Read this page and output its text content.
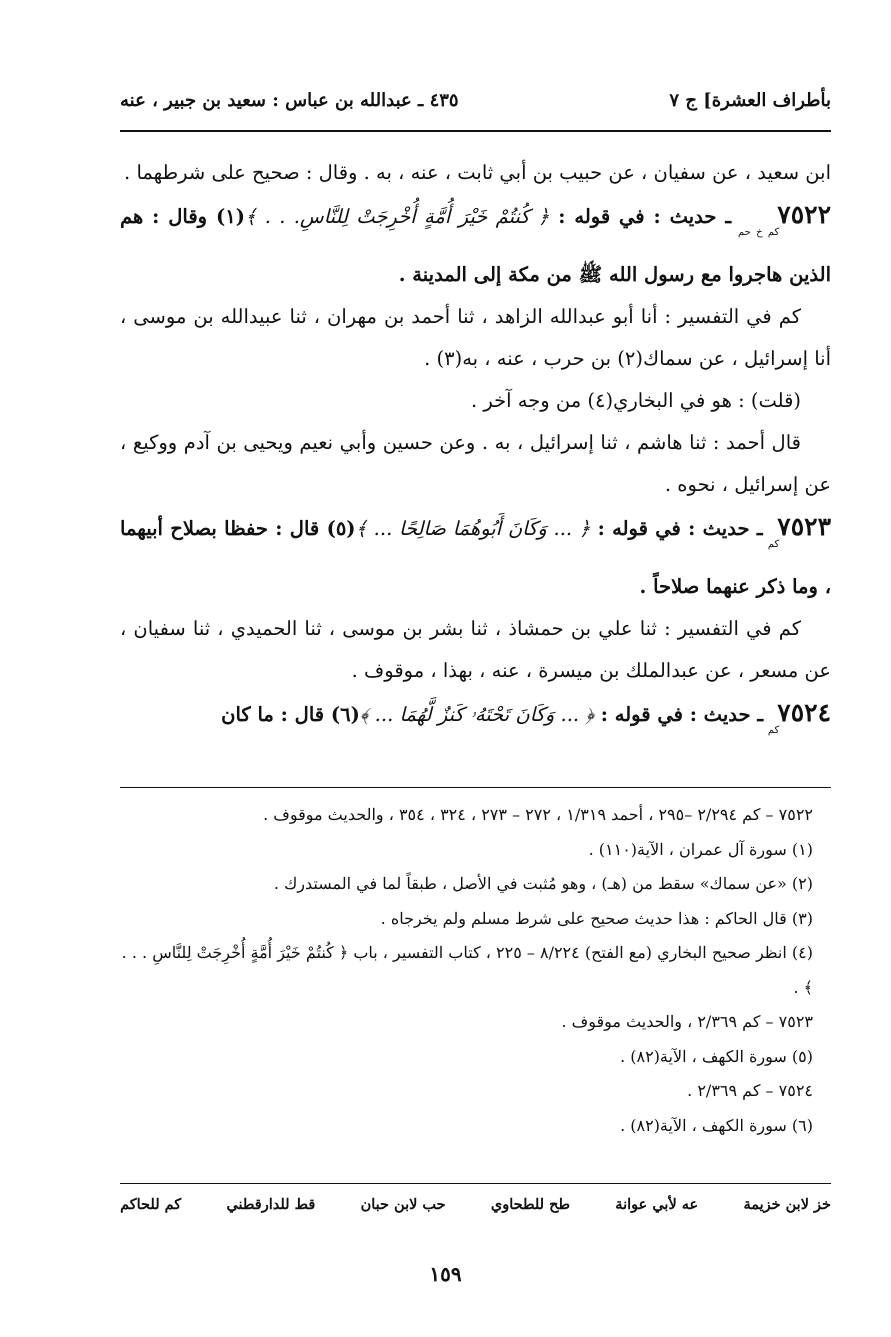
بأطراف العشرة] ج ٧
٤٣٥ ـ عبدالله بن عباس : سعيد بن جبير ، عنه

ابن سعيد ، عن سفيان ، عن حبيب بن أبي ثابت ، عنه ، به . وقال : صحيح على شرطهما .

$٧٥٢٢_{كم خ حم}$ ـ حديث : في قوله : ﴿ كُنتُمْ خَيْرَ أُمَّةٍ أُخْرِجَتْ لِلنَّاسِ. . . ﴾(١) وقال : هم الذين هاجروا مع رسول الله ﷺ من مكة إلى المدينة .

كم في التفسير : أنا أبو عبدالله الزاهد ، ثنا أحمد بن مهران ، ثنا عبيدالله بن موسى ، أنا إسرائيل ، عن سماك(٢) بن حرب ، عنه ، به(٣) .

(قلت) : هو في البخاري(٤) من وجه آخر .

قال أحمد : ثنا هاشم ، ثنا إسرائيل ، به . وعن حسين وأبي نعيم ويحيى بن آدم ووكيع ، عن إسرائيل ، نحوه .

$٧٥٢٣_{كم}$ ـ حديث : في قوله : ﴿ ... وَكَانَ أَبُوهُمَا صَالِحًا ... ﴾(٥) قال : حفظا بصلاح أبيهما ، وما ذكر عنهما صلاحاً .

كم في التفسير : ثنا علي بن حمشاذ ، ثنا بشر بن موسى ، ثنا الحميدي ، ثنا سفيان ، عن مسعر ، عن عبدالملك بن ميسرة ، عنه ، بهذا ، موقوف .

$٧٥٢٤_{كم}$ ـ حديث : في قوله : ﴿ ... وَكَانَ تَحْتَهُۥ كَنزٌ لَّهُمَا ... ﴾(٦) قال : ما كان

٧٥٢٢ – كم ٢/٢٩٤ –٢٩٥ ، أحمد ١/٣١٩ ، ٢٧٢ – ٢٧٣ ، ٣٢٤ ، ٣٥٤ ، والحديث موقوف .

(١) سورة آل عمران ، الآية(١١٠) .

(٢) «عن سماك» سقط من (هـ) ، وهو مُثبت في الأصل ، طبقاً لما في المستدرك .

(٣) قال الحاكم : هذا حديث صحيح على شرط مسلم ولم يخرجاه .

(٤) انظر صحيح البخاري (مع الفتح) ٨/٢٢٤ – ٢٢٥ ، كتاب التفسير ، باب ﴿ كُنتُمْ خَيْرَ أُمَّةٍ أُخْرِجَتْ لِلنَّاسِ . . . ﴾ .

٧٥٢٣ – كم ٢/٣٦٩ ، والحديث موقوف .

(٥) سورة الكهف ، الآية(٨٢) .

٧٥٢٤ – كم ٢/٣٦٩ .

(٦) سورة الكهف ، الآية(٨٢) .

خز لابن خزيمة
عه لأبي عوانة
طح للطحاوي
حب لابن حبان
قط للدارقطني
كم للحاكم
١٥٩
